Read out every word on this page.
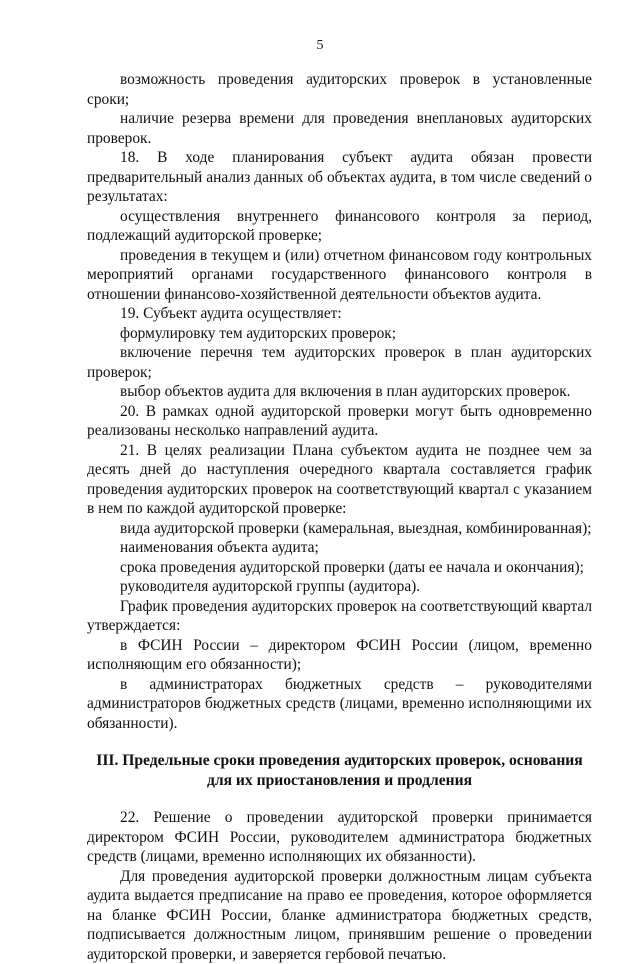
5

возможность проведения аудиторских проверок в установленные сроки;

наличие резерва времени для проведения внеплановых аудиторских проверок.

18. В ходе планирования субъект аудита обязан провести предварительный анализ данных об объектах аудита, в том числе сведений о результатах:

осуществления внутреннего финансового контроля за период, подлежащий аудиторской проверке;

проведения в текущем и (или) отчетном финансовом году контрольных мероприятий органами государственного финансового контроля в отношении финансово-хозяйственной деятельности объектов аудита.

19. Субъект аудита осуществляет:

формулировку тем аудиторских проверок;

включение перечня тем аудиторских проверок в план аудиторских проверок;

выбор объектов аудита для включения в план аудиторских проверок.

20. В рамках одной аудиторской проверки могут быть одновременно реализованы несколько направлений аудита.

21. В целях реализации Плана субъектом аудита не позднее чем за десять дней до наступления очередного квартала составляется график проведения аудиторских проверок на соответствующий квартал с указанием в нем по каждой аудиторской проверке:

вида аудиторской проверки (камеральная, выездная, комбинированная);

наименования объекта аудита;

срока проведения аудиторской проверки (даты ее начала и окончания);

руководителя аудиторской группы (аудитора).

График проведения аудиторских проверок на соответствующий квартал утверждается:

в ФСИН России – директором ФСИН России (лицом, временно исполняющим его обязанности);

в администраторах бюджетных средств – руководителями администраторов бюджетных средств (лицами, временно исполняющими их обязанности).

III. Предельные сроки проведения аудиторских проверок, основания для их приостановления и продления

22. Решение о проведении аудиторской проверки принимается директором ФСИН России, руководителем администратора бюджетных средств (лицами, временно исполняющих их обязанности).

Для проведения аудиторской проверки должностным лицам субъекта аудита выдается предписание на право ее проведения, которое оформляется на бланке ФСИН России, бланке администратора бюджетных средств, подписывается должностным лицом, принявшим решение о проведении аудиторской проверки, и заверяется гербовой печатью.
